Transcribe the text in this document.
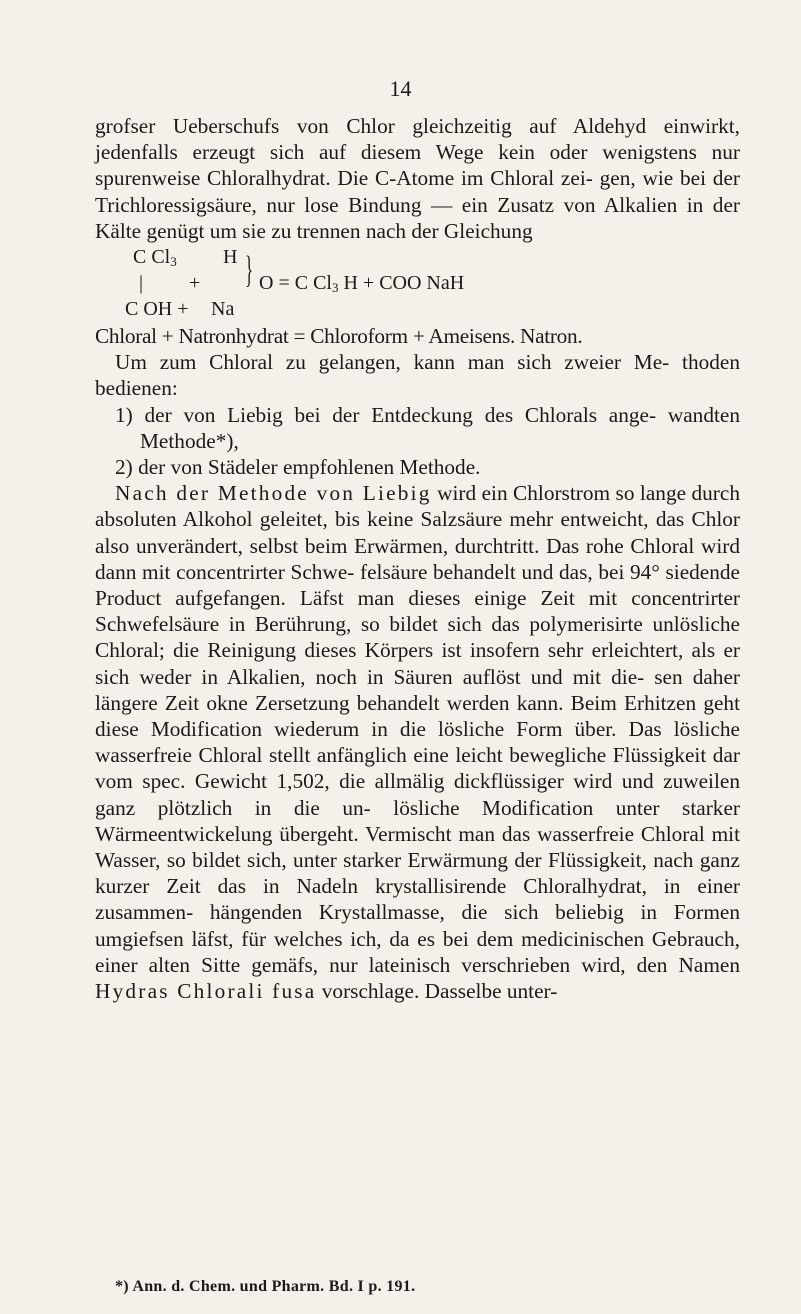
14

grofser Ueberschufs von Chlor gleichzeitig auf Aldehyd einwirkt, jedenfalls erzeugt sich auf diesem Wege kein oder wenigstens nur spurenweise Chloralhydrat. Die C-Atome im Chloral zei- gen, wie bei der Trichloressigsäure, nur lose Bindung — ein Zusatz von Alkalien in der Kälte genügt um sie zu trennen nach der Gleichung

C $Cl_3$ H
| + } O = C $Cl_3$ H + COO NaH
C OH + Na

Chloral + Natronhydrat = Chloroform + Ameisens. Natron.

Um zum Chloral zu gelangen, kann man sich zweier Me- thoden bedienen:

1) der von Liebig bei der Entdeckung des Chlorals ange- wandten Methode*),

2) der von Städeler empfohlenen Methode.

Nach der Methode von Liebig wird ein Chlorstrom so lange durch absoluten Alkohol geleitet, bis keine Salzsäure mehr entweicht, das Chlor also unverändert, selbst beim Erwärmen, durchtritt. Das rohe Chloral wird dann mit concentrirter Schwe- felsäure behandelt und das, bei 94° siedende Product aufgefangen. Läfst man dieses einige Zeit mit concentrirter Schwefelsäure in Berührung, so bildet sich das polymerisirte unlösliche Chloral; die Reinigung dieses Körpers ist insofern sehr erleichtert, als er sich weder in Alkalien, noch in Säuren auflöst und mit die- sen daher längere Zeit okne Zersetzung behandelt werden kann. Beim Erhitzen geht diese Modification wiederum in die lösliche Form über. Das lösliche wasserfreie Chloral stellt anfänglich eine leicht bewegliche Flüssigkeit dar vom spec. Gewicht 1,502, die allmälig dickflüssiger wird und zuweilen ganz plötzlich in die un- lösliche Modification unter starker Wärmeentwickelung übergeht. Vermischt man das wasserfreie Chloral mit Wasser, so bildet sich, unter starker Erwärmung der Flüssigkeit, nach ganz kurzer Zeit das in Nadeln krystallisirende Chloralhydrat, in einer zusammen- hängenden Krystallmasse, die sich beliebig in Formen umgiefsen läfst, für welches ich, da es bei dem medicinischen Gebrauch, einer alten Sitte gemäfs, nur lateinisch verschrieben wird, den Namen Hydras Chlorali fusa vorschlage. Dasselbe unter-

*) Ann. d. Chem. und Pharm. Bd. I p. 191.
